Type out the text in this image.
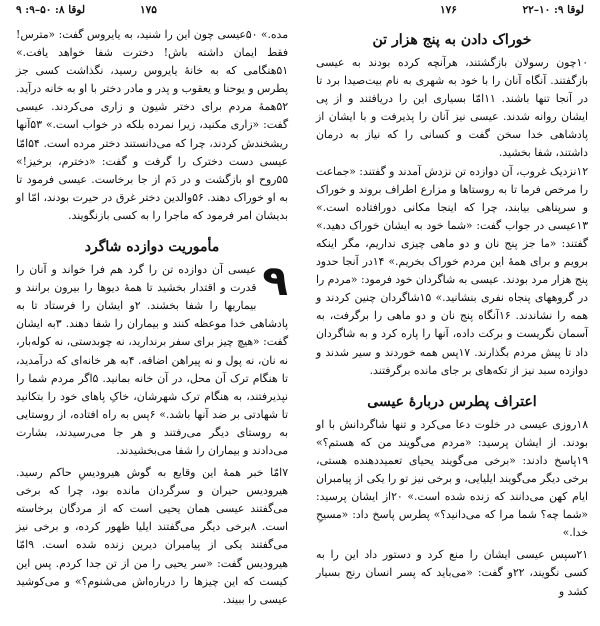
لوقا ۸: ۵۰–۹: ۹	۱۷۵	۱۷۶	لوقا ۹: ۱۰–۲۲
خوراک دادن به پنج هزار تن

۱۰چون رسولان بازگشتند، هرآنچه کرده بودند به عیسی بازگفتند. آنگاه آنان را با خود به شهری به نام بیت‌صیدا برد تا در آنجا تنها باشند. ۱۱امّا بسیاری این را دریافتند و از پی ایشان روانه شدند. عیسی نیز آنان را پذیرفت و با ایشان از پادشاهی خدا سخن گفت و کسانی را که نیاز به درمان داشتند، شفا بخشید.

۱۲نزدیک غروب، آن دوازده تن نزدش آمدند و گفتند: «جماعت را مرخص فرما تا به روستاها و مزارع اطراف بروند و خوراک و سرپناهی بیابند، چرا که اینجا مکانی دورافتاده است.» ۱۳عیسی در جواب گفت: «شما خود به ایشان خوراک دهید.» گفتند: «ما جز پنج نان و دو ماهی چیزی نداریم، مگر اینکه برویم و برای همهٔ این مردم خوراک بخریم.» ۱۴در آنجا حدود پنج هزار مرد بودند. عیسی به شاگردان خود فرمود: «مردم را در گروههای پنجاه نفری بنشانید.» ۱۵شاگردان چنین کردند و همه را نشاندند. ۱۶آنگاه پنج نان و دو ماهی را برگرفت، به آسمان نگریست و برکت داده، آنها را پاره کرد و به شاگردان داد تا پیش مردم بگذارند. ۱۷پس همه خوردند و سیر شدند و دوازده سبد نیز از تکه‌های بر جای مانده برگرفتند.

اعتراف پطرس دربارهٔ عیسی

۱۸روزی عیسی در خلوت دعا می‌کرد و تنها شاگردانش با او بودند. از ایشان پرسید: «مردم می‌گویند من که هستم؟» ۱۹پاسخ دادند: «برخی می‌گویند یحیای تعمیددهنده هستی، برخی دیگر می‌گویند ایلیایی، و برخی نیز تو را یکی از پیامبران ایام کهن می‌دانند که زنده شده است.» ۲۰از ایشان پرسید: «شما چه؟ شما مرا که می‌دانید؟» پطرس پاسخ داد: «مسیحِ خدا.»

۲۱سپس عیسی ایشان را منع کرد و دستور داد این را به کسی نگویند، ۲۲و گفت: «می‌باید که پسر انسان رنج بسیار کشد و

مده.» ۵۰عیسی چون این را شنید، به یایروس گفت: «مترس! فقط ایمان داشته باش! دخترت شفا خواهد یافت.» ۵۱هنگامی که به خانهٔ یایروس رسید، نگذاشت کسی جز پطرس و یوحنا و یعقوب و پدر و مادر دختر با او به خانه درآید. ۵۲همهٔ مردم برای دختر شیون و زاری می‌کردند. عیسی گفت: «زاری مکنید، زیرا نمرده بلکه در خواب است.» ۵۳آنها ریشخندش کردند، چرا که می‌دانستند دختر مرده است. ۵۴امّا عیسی دست دخترک را گرفت و گفت: «دخترم، برخیز!» ۵۵روح او بازگشت و در دَم از جا برخاست. عیسی فرمود تا به او خوراک دهند. ۵۶والدین دختر غرق در حیرت بودند، امّا او بدیشان امر فرمود که ماجرا را به کسی بازنگویند.

مأموریت دوازده شاگرد
۹

عیسی آن دوازده تن را گرد هم فرا خواند و آنان را قدرت و اقتدار بخشید تا همهٔ دیوها را بیرون برانند و بیماریها را شفا بخشند. ۲و ایشان را فرستاد تا به پادشاهی خدا موعظه کنند و بیماران را شفا دهند. ۳به ایشان گفت: «هیچ چیز برای سفر برندارید، نه چوبدستی، نه کوله‌بار، نه نان، نه پول و نه پیراهن اضافه. ۴به هر خانه‌ای که درآمدید، تا هنگام ترک آن محل، در آن خانه بمانید. ۵اگر مردم شما را نپذیرفتند، به هنگام ترک شهرشان، خاکِ پاهای خود را بتکانید تا شهادتی بر ضد آنها باشد.» ۶پس به راه افتاده، از روستایی به روستای دیگر می‌رفتند و هر جا می‌رسیدند، بشارت می‌دادند و بیماران را شفا می‌بخشیدند.

۷امّا خبر همهٔ این وقایع به گوش هیرودیسِ حاکم رسید. هیرودیس حیران و سرگردان مانده بود، چرا که برخی می‌گفتند عیسی همان یحیی است که از مردگان برخاسته است. ۸برخی دیگر می‌گفتند ایلیا ظهور کرده، و برخی نیز می‌گفتند یکی از پیامبران دیرین زنده شده است. ۹امّا هیرودیس گفت: «سر یحیی را من از تن جدا کردم. پس این کیست که این چیزها را درباره‌اش می‌شنوم؟» و می‌کوشید عیسی را ببیند.
